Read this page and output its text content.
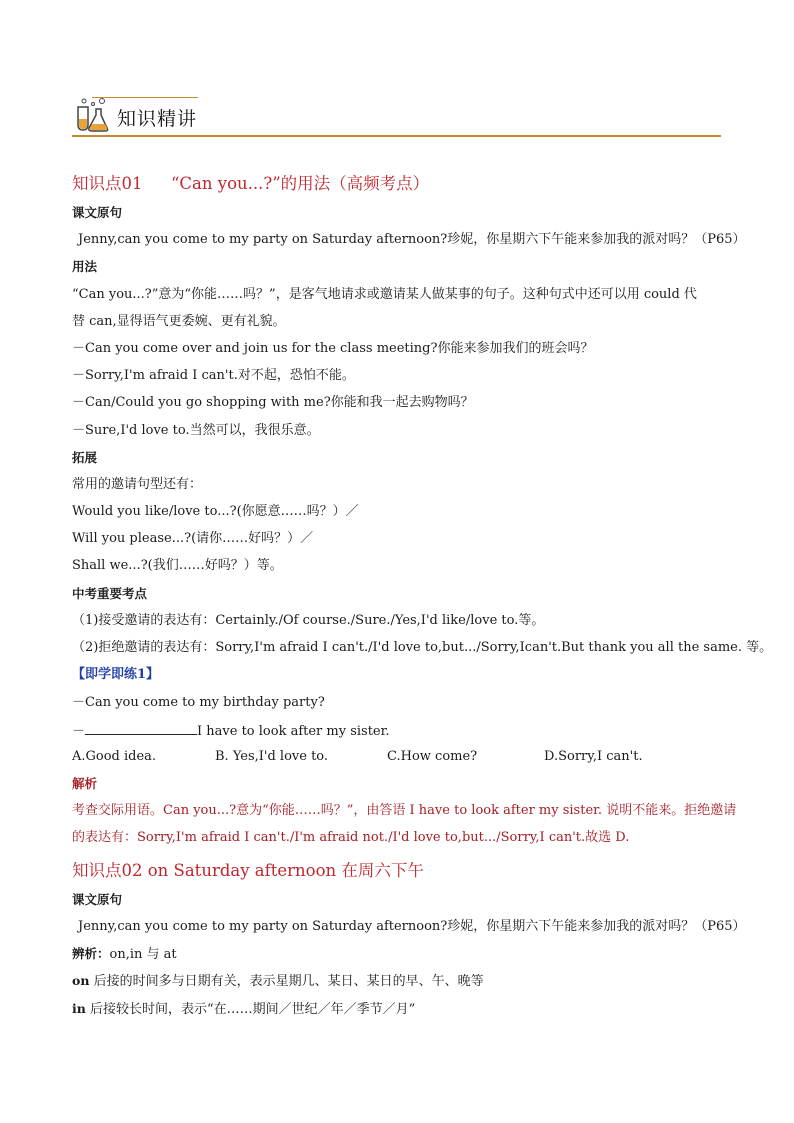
知识精讲
知识点01 “Can you...?”的用法（高频考点）
课文原句
Jenny,can you come to my party on Saturday afternoon?珍妮，你星期六下午能来参加我的派对吗？（P65）
用法
“Can you...?”意为“你能……吗？”，是客气地请求或邀请某人做某事的句子。这种句式中还可以用 could 代
替 can,显得语气更委婉、更有礼貌。
－Can you come over and join us for the class meeting?你能来参加我们的班会吗？
－Sorry,I'm afraid I can't.对不起，恐怕不能。
－Can/Could you go shopping with me?你能和我一起去购物吗？
－Sure,I'd love to.当然可以，我很乐意。
拓展
常用的邀请句型还有：
Would you like/love to...?(你愿意……吗？）／
Will you please...?(请你……好吗？）／
Shall we...?(我们……好吗？）等。
中考重要考点
（1)接受邀请的表达有：Certainly./Of course./Sure./Yes,I'd like/love to.等。
（2)拒绝邀请的表达有：Sorry,I'm afraid I can't./I'd love to,but.../Sorry,Ican't.But thank you all the same. 等。
【即学即练1】
－Can you come to my birthday party?
－	I have to look after my sister.
A.Good idea.	B. Yes,I'd love to.	C.How come?	D.Sorry,I can't.
解析
考查交际用语。Can you...?意为“你能……吗？”，由答语 I have to look after my sister. 说明不能来。拒绝邀请
的表达有：Sorry,I'm afraid I can't./I'm afraid not./I'd love to,but.../Sorry,I can't.故选 D.
知识点02 on Saturday afternoon 在周六下午
课文原句
Jenny,can you come to my party on Saturday afternoon?珍妮，你星期六下午能来参加我的派对吗？（P65）
辨析：on,in 与 at
on 后接的时间多与日期有关，表示星期几、某日、某日的早、午、晚等
in 后接较长时间，表示“在……期间／世纪／年／季节／月”
